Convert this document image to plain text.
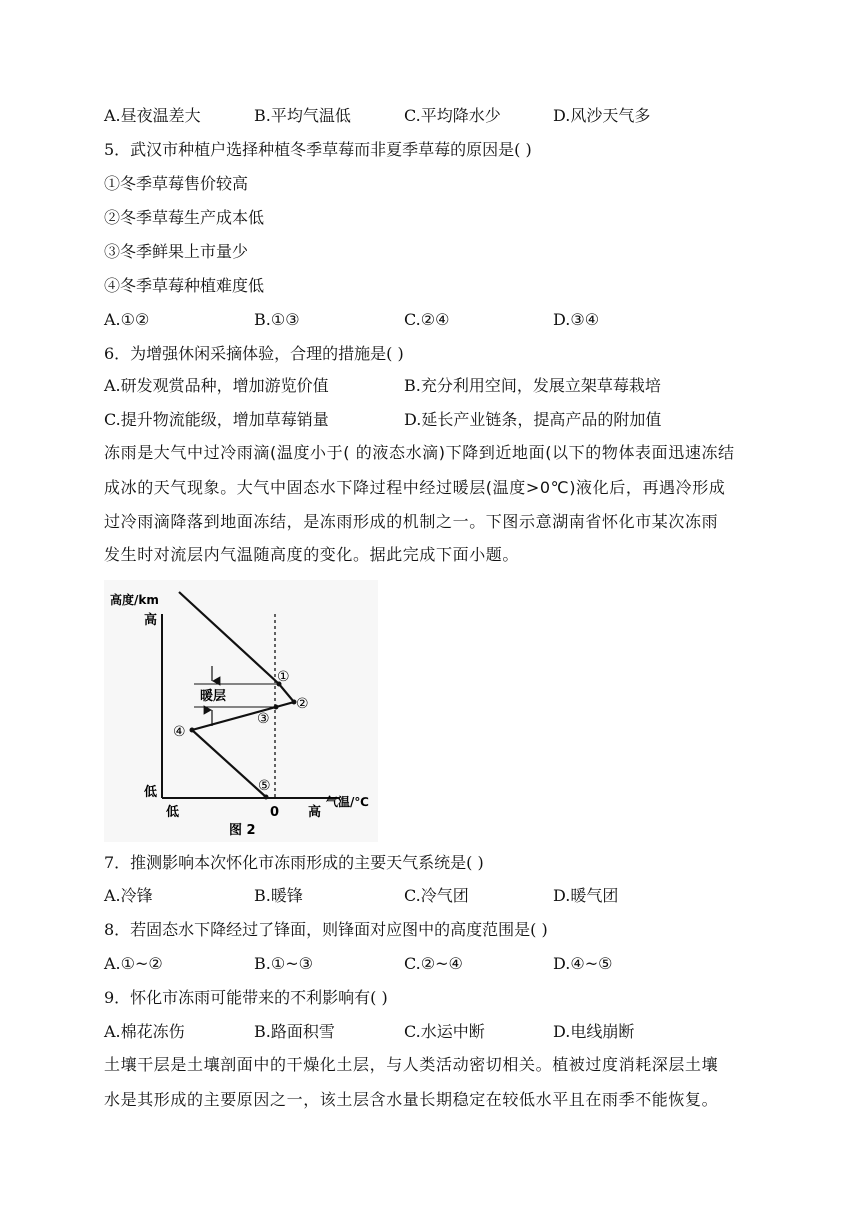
A.昼夜温差大	B.平均气温低	C.平均降水少	D.风沙天气多
5．武汉市种植户选择种植冬季草莓而非夏季草莓的原因是( )
①冬季草莓售价较高
②冬季草莓生产成本低
③冬季鲜果上市量少
④冬季草莓种植难度低
A.①②	B.①③	C.②④	D.③④
6．为增强休闲采摘体验，合理的措施是( )
A.研发观赏品种，增加游览价值	B.充分利用空间，发展立架草莓栽培
C.提升物流能级，增加草莓销量	D.延长产业链条，提高产品的附加值
冻雨是大气中过冷雨滴(温度小于( 的液态水滴)下降到近地面(以下的物体表面迅速冻结
成冰的天气现象。大气中固态水下降过程中经过暖层(温度>0℃)液化后，再遇冷形成
过冷雨滴降落到地面冻结，是冻雨形成的机制之一。下图示意湖南省怀化市某次冻雨
发生时对流层内气温随高度的变化。据此完成下面小题。
高度/km
高
低
低	0 高
气温/℃
暖层
①
②
③
④
⑤
图 2
7．推测影响本次怀化市冻雨形成的主要天气系统是( )
A.冷锋	B.暖锋	C.冷气团	D.暖气团
8．若固态水下降经过了锋面，则锋面对应图中的高度范围是( )
A.①~②	B.①~③	C.②~④	D.④~⑤
9．怀化市冻雨可能带来的不利影响有( )
A.棉花冻伤	B.路面积雪	C.水运中断	D.电线崩断
土壤干层是土壤剖面中的干燥化土层，与人类活动密切相关。植被过度消耗深层土壤
水是其形成的主要原因之一，该土层含水量长期稳定在较低水平且在雨季不能恢复。
